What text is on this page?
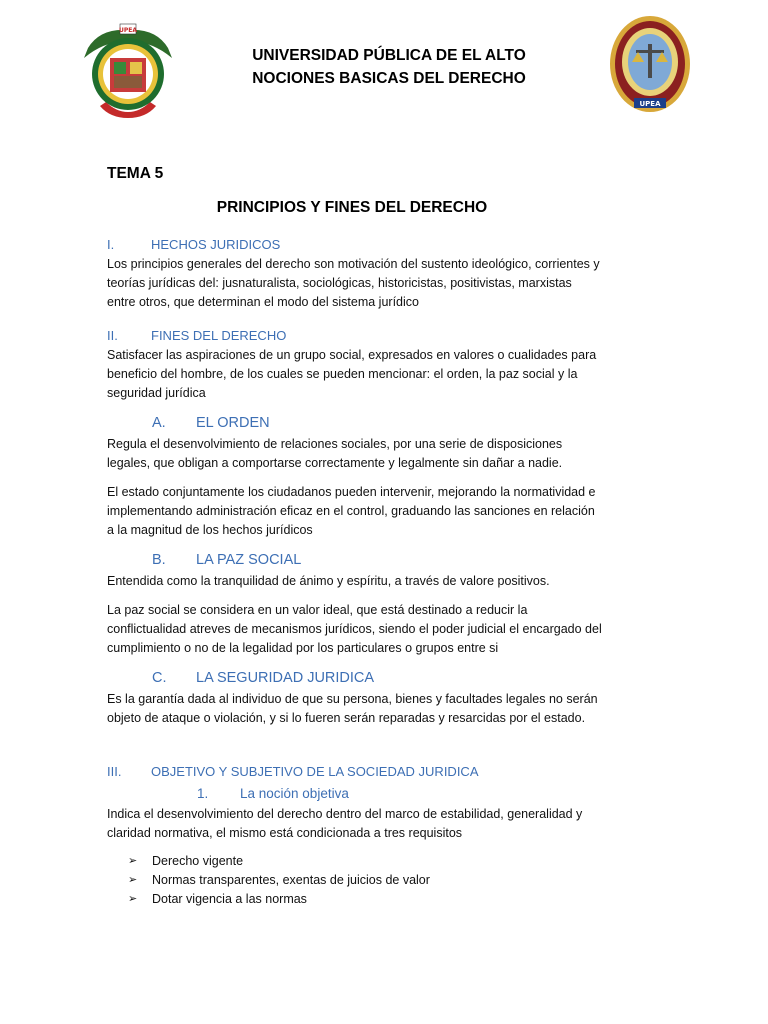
UPEA
UPEA
UNIVERSIDAD PÚBLICA DE EL ALTO
NOCIONES BASICAS DEL DERECHO
TEMA 5
PRINCIPIOS Y FINES DEL DERECHO
I.	HECHOS JURIDICOS
Los principios generales del derecho son motivación del sustento ideológico, corrientes y teorías jurídicas del: jusnaturalista, sociológicas, historicistas, positivistas, marxistas entre otros, que determinan el modo del sistema jurídico
II.	FINES DEL DERECHO
Satisfacer las aspiraciones de un grupo social, expresados en valores o cualidades para beneficio del hombre, de los cuales se pueden mencionar: el orden, la paz social y la seguridad jurídica
A. EL ORDEN
Regula el desenvolvimiento de relaciones sociales, por una serie de disposiciones legales, que obligan a comportarse correctamente y legalmente sin dañar a nadie.
El estado conjuntamente los ciudadanos pueden intervenir, mejorando la normatividad e implementando administración eficaz en el control, graduando las sanciones en relación a la magnitud de los hechos jurídicos
B. LA PAZ SOCIAL
Entendida como la tranquilidad de ánimo y espíritu, a través de valore positivos.
La paz social se considera en un valor ideal, que está destinado a reducir la conflictualidad atreves de mecanismos jurídicos, siendo el poder judicial el encargado del cumplimiento o no de la legalidad por los particulares o grupos entre si
C. LA SEGURIDAD JURIDICA
Es la garantía dada al individuo de que su persona, bienes y facultades legales no serán objeto de ataque o violación, y si lo fueren serán reparadas y resarcidas por el estado.
III. OBJETIVO Y SUBJETIVO DE LA SOCIEDAD JURIDICA
1. La noción objetiva
Indica el desenvolvimiento del derecho dentro del marco de estabilidad, generalidad y claridad normativa, el mismo está condicionada a tres requisitos
➢ Derecho vigente
➢ Normas transparentes, exentas de juicios de valor
➢ Dotar vigencia a las normas
